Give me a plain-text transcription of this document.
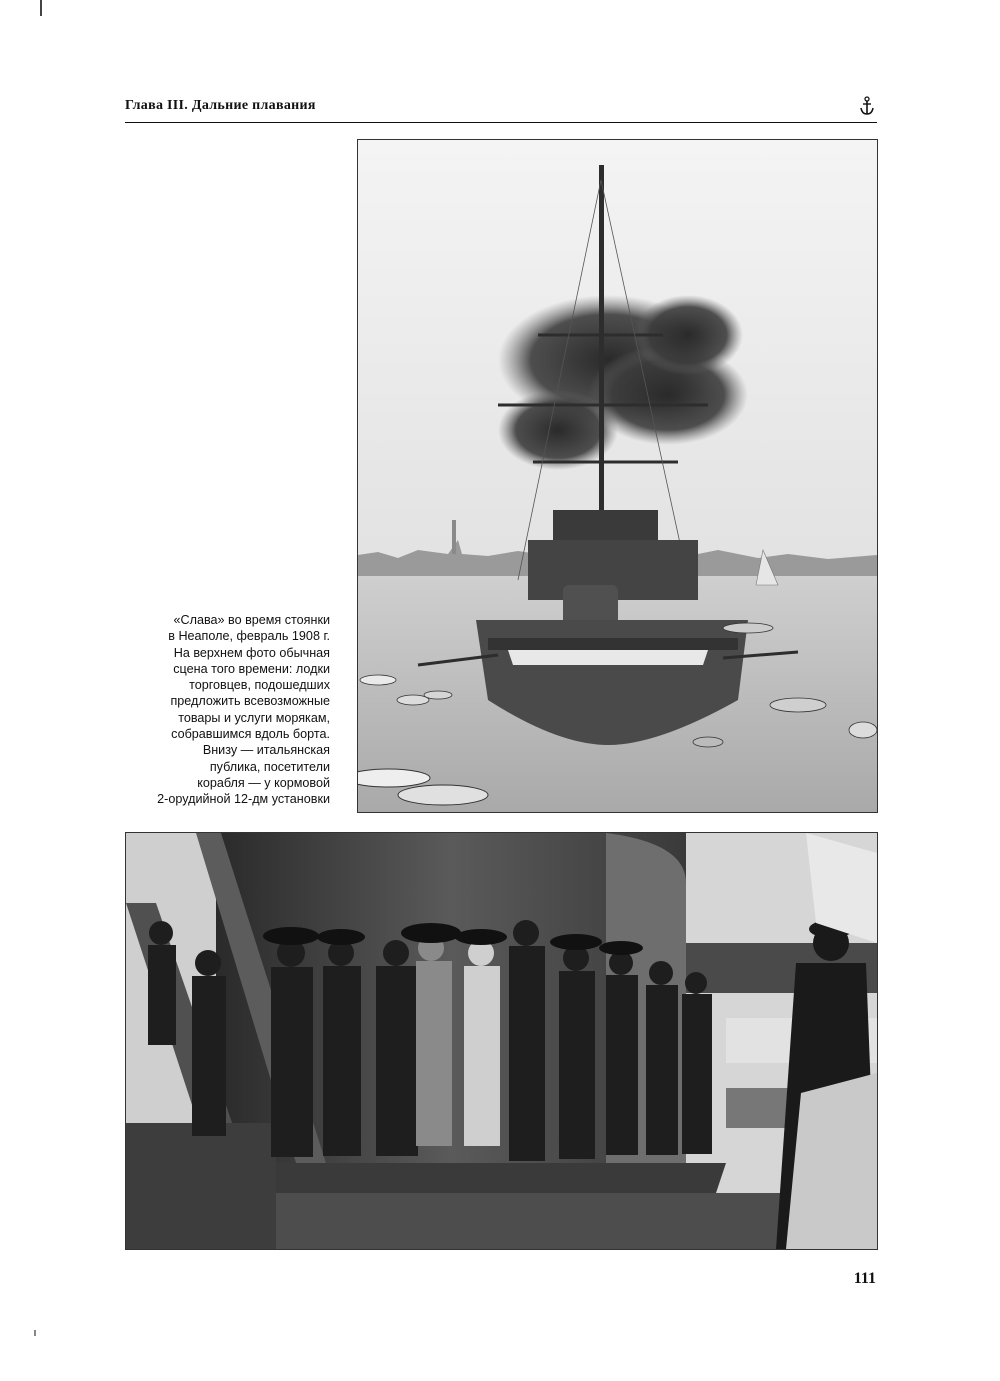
Глава III. Дальние плавания
«Слава» во время стоянки
в Неаполе, февраль 1908 г.
На верхнем фото обычная
сцена того времени: лодки
торговцев, подошедших
предложить всевозможные
товары и услуги морякам,
собравшимся вдоль борта.
Внизу — итальянская
публика, посетители
корабля — у кормовой
2-орудийной 12-дм установки
111
